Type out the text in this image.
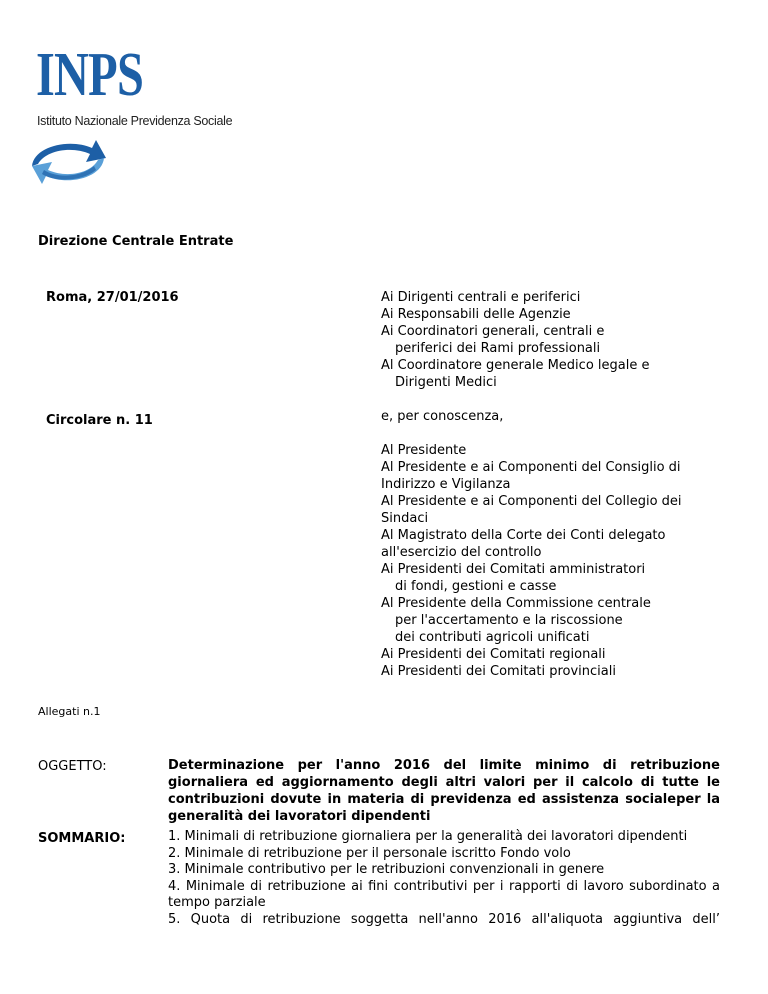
INPS
Istituto Nazionale Previdenza Sociale
Direzione Centrale Entrate
Roma, 27/01/2016
Circolare n. 11
Ai Dirigenti centrali e periferici
Ai Responsabili delle Agenzie
Ai Coordinatori generali, centrali e
periferici dei Rami professionali
Al Coordinatore generale Medico legale e
Dirigenti Medici
e, per conoscenza,
Al Presidente
Al Presidente e ai Componenti del Consiglio di
Indirizzo e Vigilanza
Al Presidente e ai Componenti del Collegio dei
Sindaci
Al Magistrato della Corte dei Conti delegato
all'esercizio del controllo
Ai Presidenti dei Comitati amministratori
di fondi, gestioni e casse
Al Presidente della Commissione centrale
per l'accertamento e la riscossione
dei contributi agricoli unificati
Ai Presidenti dei Comitati regionali
Ai Presidenti dei Comitati provinciali
Allegati n.1
OGGETTO:	Determinazione per l'anno 2016 del limite minimo di retribuzione giornaliera ed aggiornamento degli altri valori per il calcolo di tutte le contribuzioni dovute in materia di previdenza ed assistenza socialeper la generalità dei lavoratori dipendenti
SOMMARIO:	1. Minimali di retribuzione giornaliera per la generalità dei lavoratori dipendenti
2. Minimale di retribuzione per il personale iscritto Fondo volo
3. Minimale contributivo per le retribuzioni convenzionali in genere
4. Minimale di retribuzione ai fini contributivi per i rapporti di lavoro subordinato a tempo parziale
5. Quota di retribuzione soggetta nell'anno 2016 all'aliquota aggiuntiva dell’
